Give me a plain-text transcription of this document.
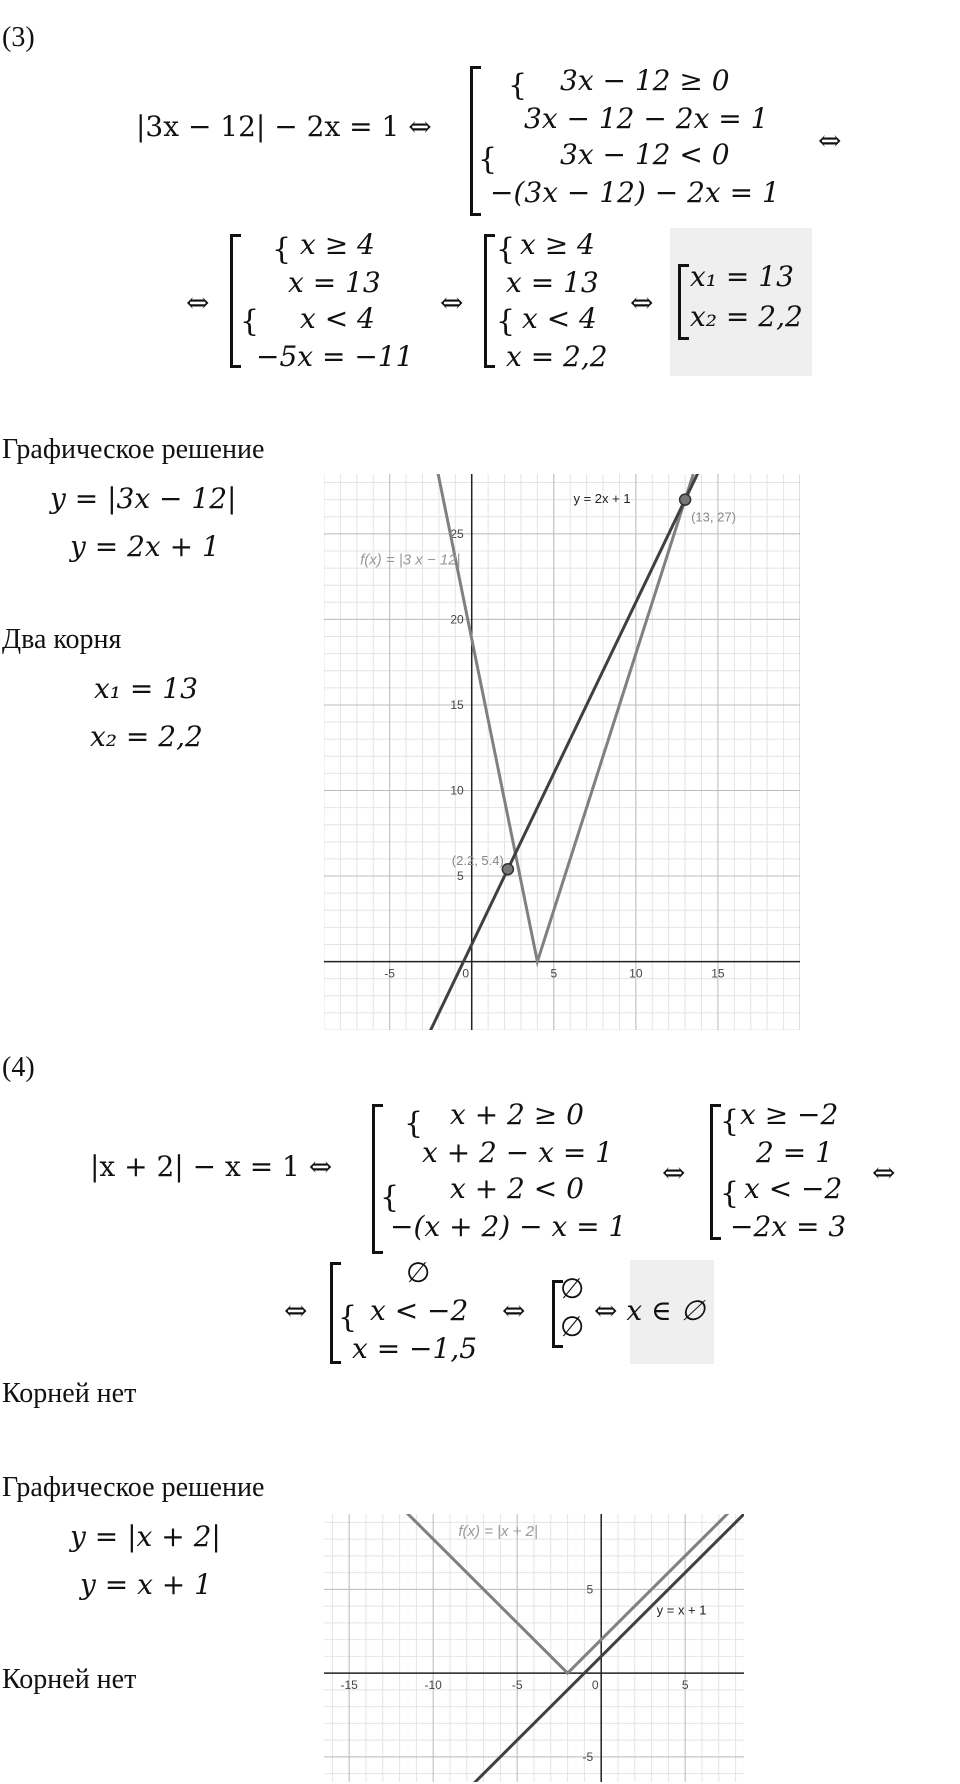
(3)
|3x − 12| − 2x = 1 ⇔
{ 3x − 12 ≥ 0
3x − 12 − 2x = 1
{ 3x − 12 < 0
−(3x − 12) − 2x = 1
⇔
⇔
{ x ≥ 4
x = 13
{ x < 4
−5x = −11
⇔
{ x ≥ 4
x = 13
{ x < 4
x = 2,2
⇔
x₁ = 13
x₂ = 2,2
Графическое решение
y = |3x − 12|
y = 2x + 1
Два корня
x₁ = 13
x₂ = 2,2
-5	0	5	10	15
5
10
15
20
25
f(x) = |3 x − 12|
y = 2x + 1
(2.2, 5.4)
(13, 27)
(4)
|x + 2| − x = 1 ⇔
{ x + 2 ≥ 0
x + 2 − x = 1
{ x + 2 < 0
−(x + 2) − x = 1
⇔
{ x ≥ −2
2 = 1
{ x < −2
−2x = 3
⇔
⇔
∅
{ x < −2
x = −1,5
⇔
∅
∅ ⇔ x ∈ ∅
Корней нет
Графическое решение
y = |x + 2|
y = x + 1
Корней нет	-15	-10	-5	0	5
5
-5
f(x) = |x + 2|
y = x + 1
